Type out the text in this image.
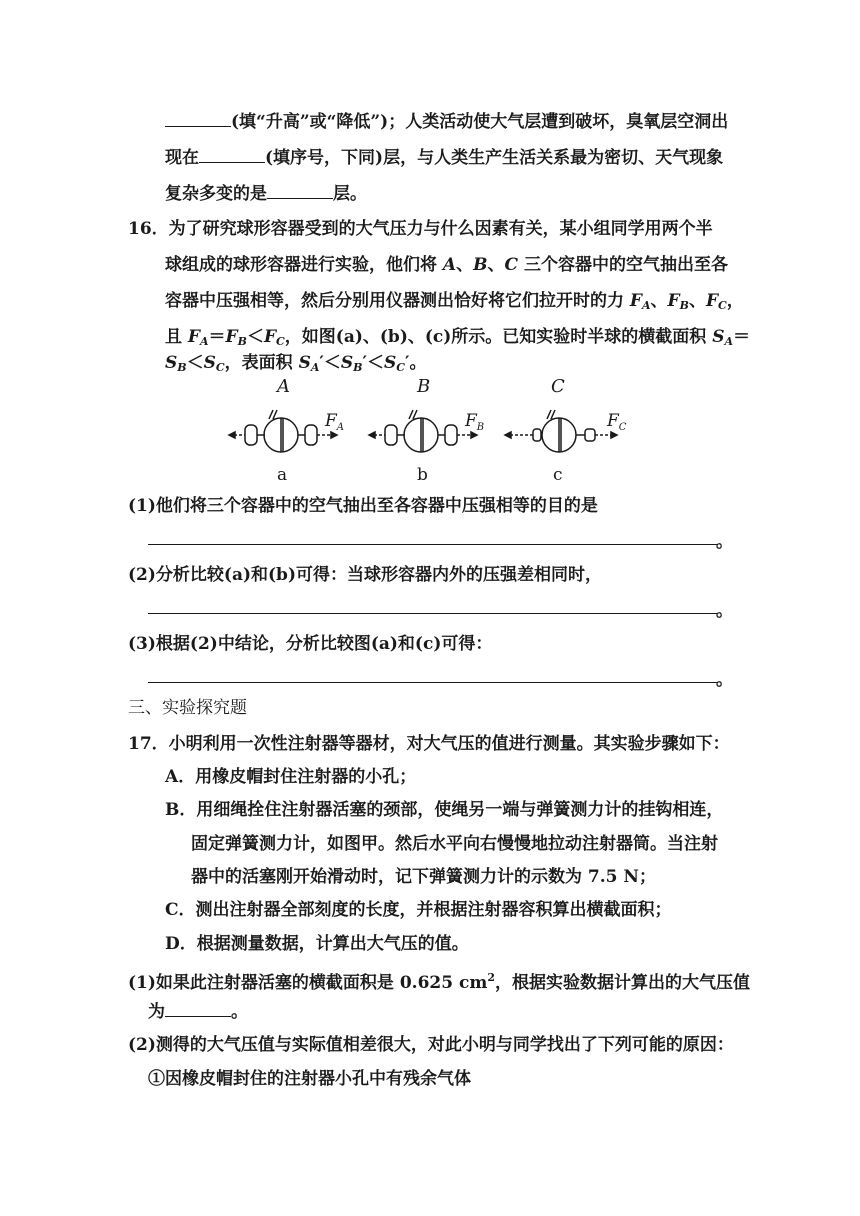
(填“升高”或“降低”)；人类活动使大气层遭到破坏，臭氧层空洞出
现在	(填序号，下同)层，与人类生产生活关系最为密切、天气现象
复杂多变的是	层。
16．为了研究球形容器受到的大气压力与什么因素有关，某小组同学用两个半
球组成的球形容器进行实验，他们将 A、B、C 三个容器中的空气抽出至各
容器中压强相等，然后分别用仪器测出恰好将它们拉开时的力 $F_A$、$F_B$、$F_C$，
且 $F_A=F_B<F_C$，如图(a)、(b)、(c)所示。已知实验时半球的横截面积 $S_A=$
$S_B<S_C$，表面积 $S_A'<S_B'<S_C'$。
A
$F_A$
a
B
$F_B$
b
C
$F_C$
c
(1)他们将三个容器中的空气抽出至各容器中压强相等的目的是
。
(2)分析比较(a)和(b)可得：当球形容器内外的压强差相同时，
。
(3)根据(2)中结论，分析比较图(a)和(c)可得：
。
三、实验探究题
17．小明利用一次性注射器等器材，对大气压的值进行测量。其实验步骤如下：
A．用橡皮帽封住注射器的小孔；
B．用细绳拴住注射器活塞的颈部，使绳另一端与弹簧测力计的挂钩相连，
固定弹簧测力计，如图甲。然后水平向右慢慢地拉动注射器筒。当注射
器中的活塞刚开始滑动时，记下弹簧测力计的示数为 7.5 N；
C．测出注射器全部刻度的长度，并根据注射器容积算出横截面积；
D．根据测量数据，计算出大气压的值。
(1)如果此注射器活塞的横截面积是 0.625 $cm^2$，根据实验数据计算出的大气压值
为	。
(2)测得的大气压值与实际值相差很大，对此小明与同学找出了下列可能的原因：
①因橡皮帽封住的注射器小孔中有残余气体
